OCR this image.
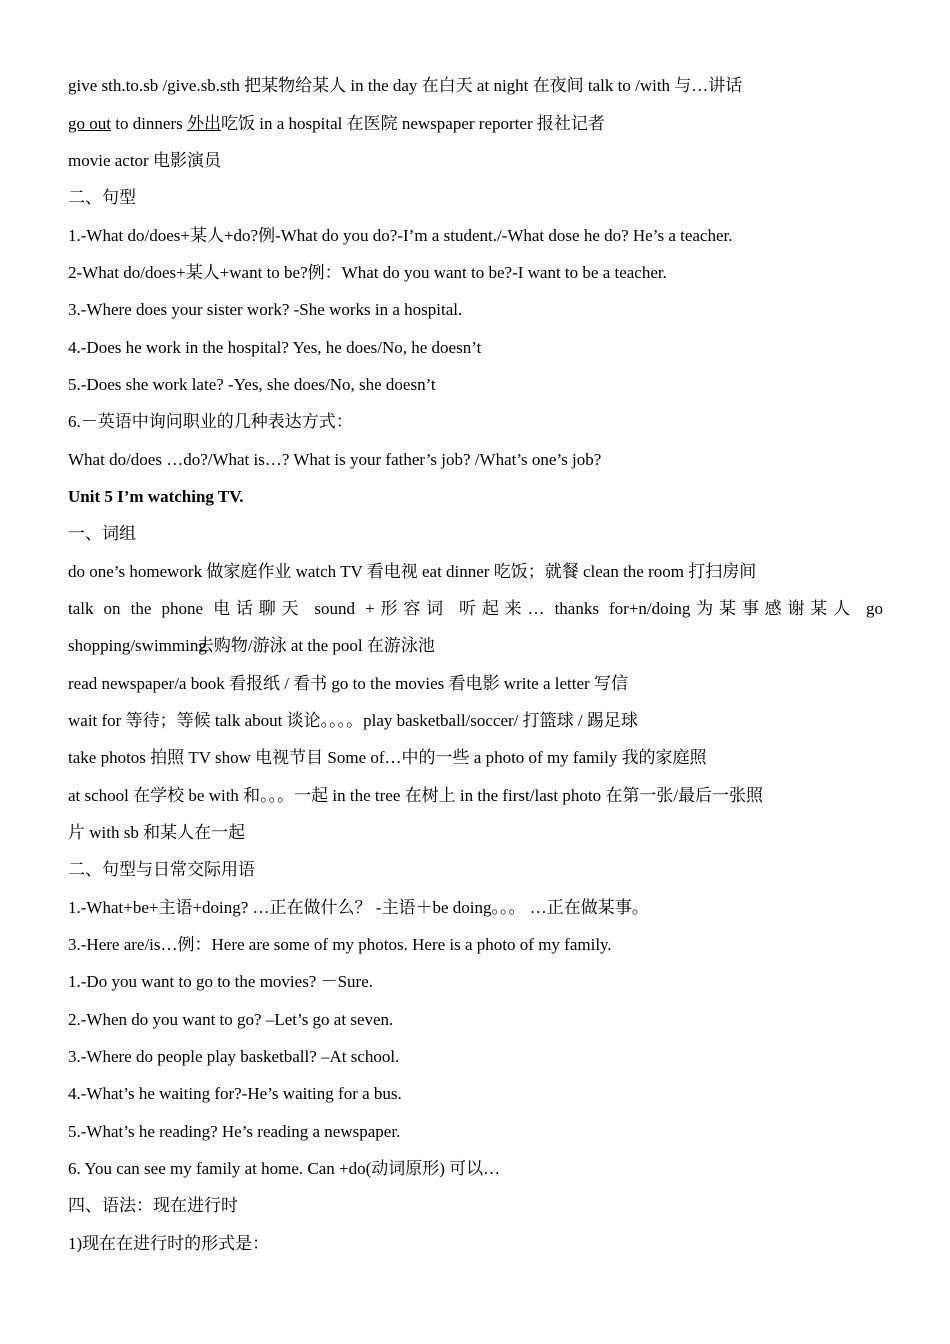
give sth.to.sb /give.sb.sth 把某物给某人 in the day 在白天 at night 在夜间 talk to /with 与…讲话
go out to dinners 外出吃饭 in a hospital 在医院 newspaper reporter 报社记者
movie actor 电影演员
二、句型
1.-What do/does+某人+do?例-What do you do?-I’m a student./-What dose he do? He’s a teacher.
2-What do/does+某人+want to be?例：What do you want to be?-I want to be a teacher.
3.-Where does your sister work? -She works in a hospital.
4.-Does he work in the hospital? Yes, he does/No, he doesn’t
5.-Does she work late? -Yes, she does/No, she doesn’t
6.－英语中询问职业的几种表达方式：
What do/does …do?/What is…? What is your father’s job? /What’s one’s job?
Unit 5 I’m watching TV.
一、词组
do one’s homework 做家庭作业 watch TV 看电视 eat dinner 吃饭；就餐 clean the room 打扫房间
talk on the phone 电话聊天 sound +形容词 听起来… thanks for+n/doing为某事感谢某人 go
shopping/swimming去购物/游泳 at the pool 在游泳池
read newspaper/a book 看报纸 / 看书 go to the movies 看电影 write a letter 写信
wait for 等待；等候 talk about 谈论。。。。play basketball/soccer/ 打篮球 / 踢足球
take photos 拍照 TV show 电视节目 Some of…中的一些 a photo of my family 我的家庭照
at school 在学校 be with 和。。。一起 in the tree 在树上 in the first/last photo 在第一张/最后一张照
片 with sb 和某人在一起
二、句型与日常交际用语
1.-What+be+主语+doing? …正在做什么？ -主语＋be doing。。。 …正在做某事。
3.-Here are/is…例：Here are some of my photos. Here is a photo of my family.
1.-Do you want to go to the movies? －Sure.
2.-When do you want to go? –Let’s go at seven.
3.-Where do people play basketball? –At school.
4.-What’s he waiting for?-He’s waiting for a bus.
5.-What’s he reading? He’s reading a newspaper.
6. You can see my family at home. Can +do(动词原形) 可以…
四、语法：现在进行时
1)现在在进行时的形式是：
